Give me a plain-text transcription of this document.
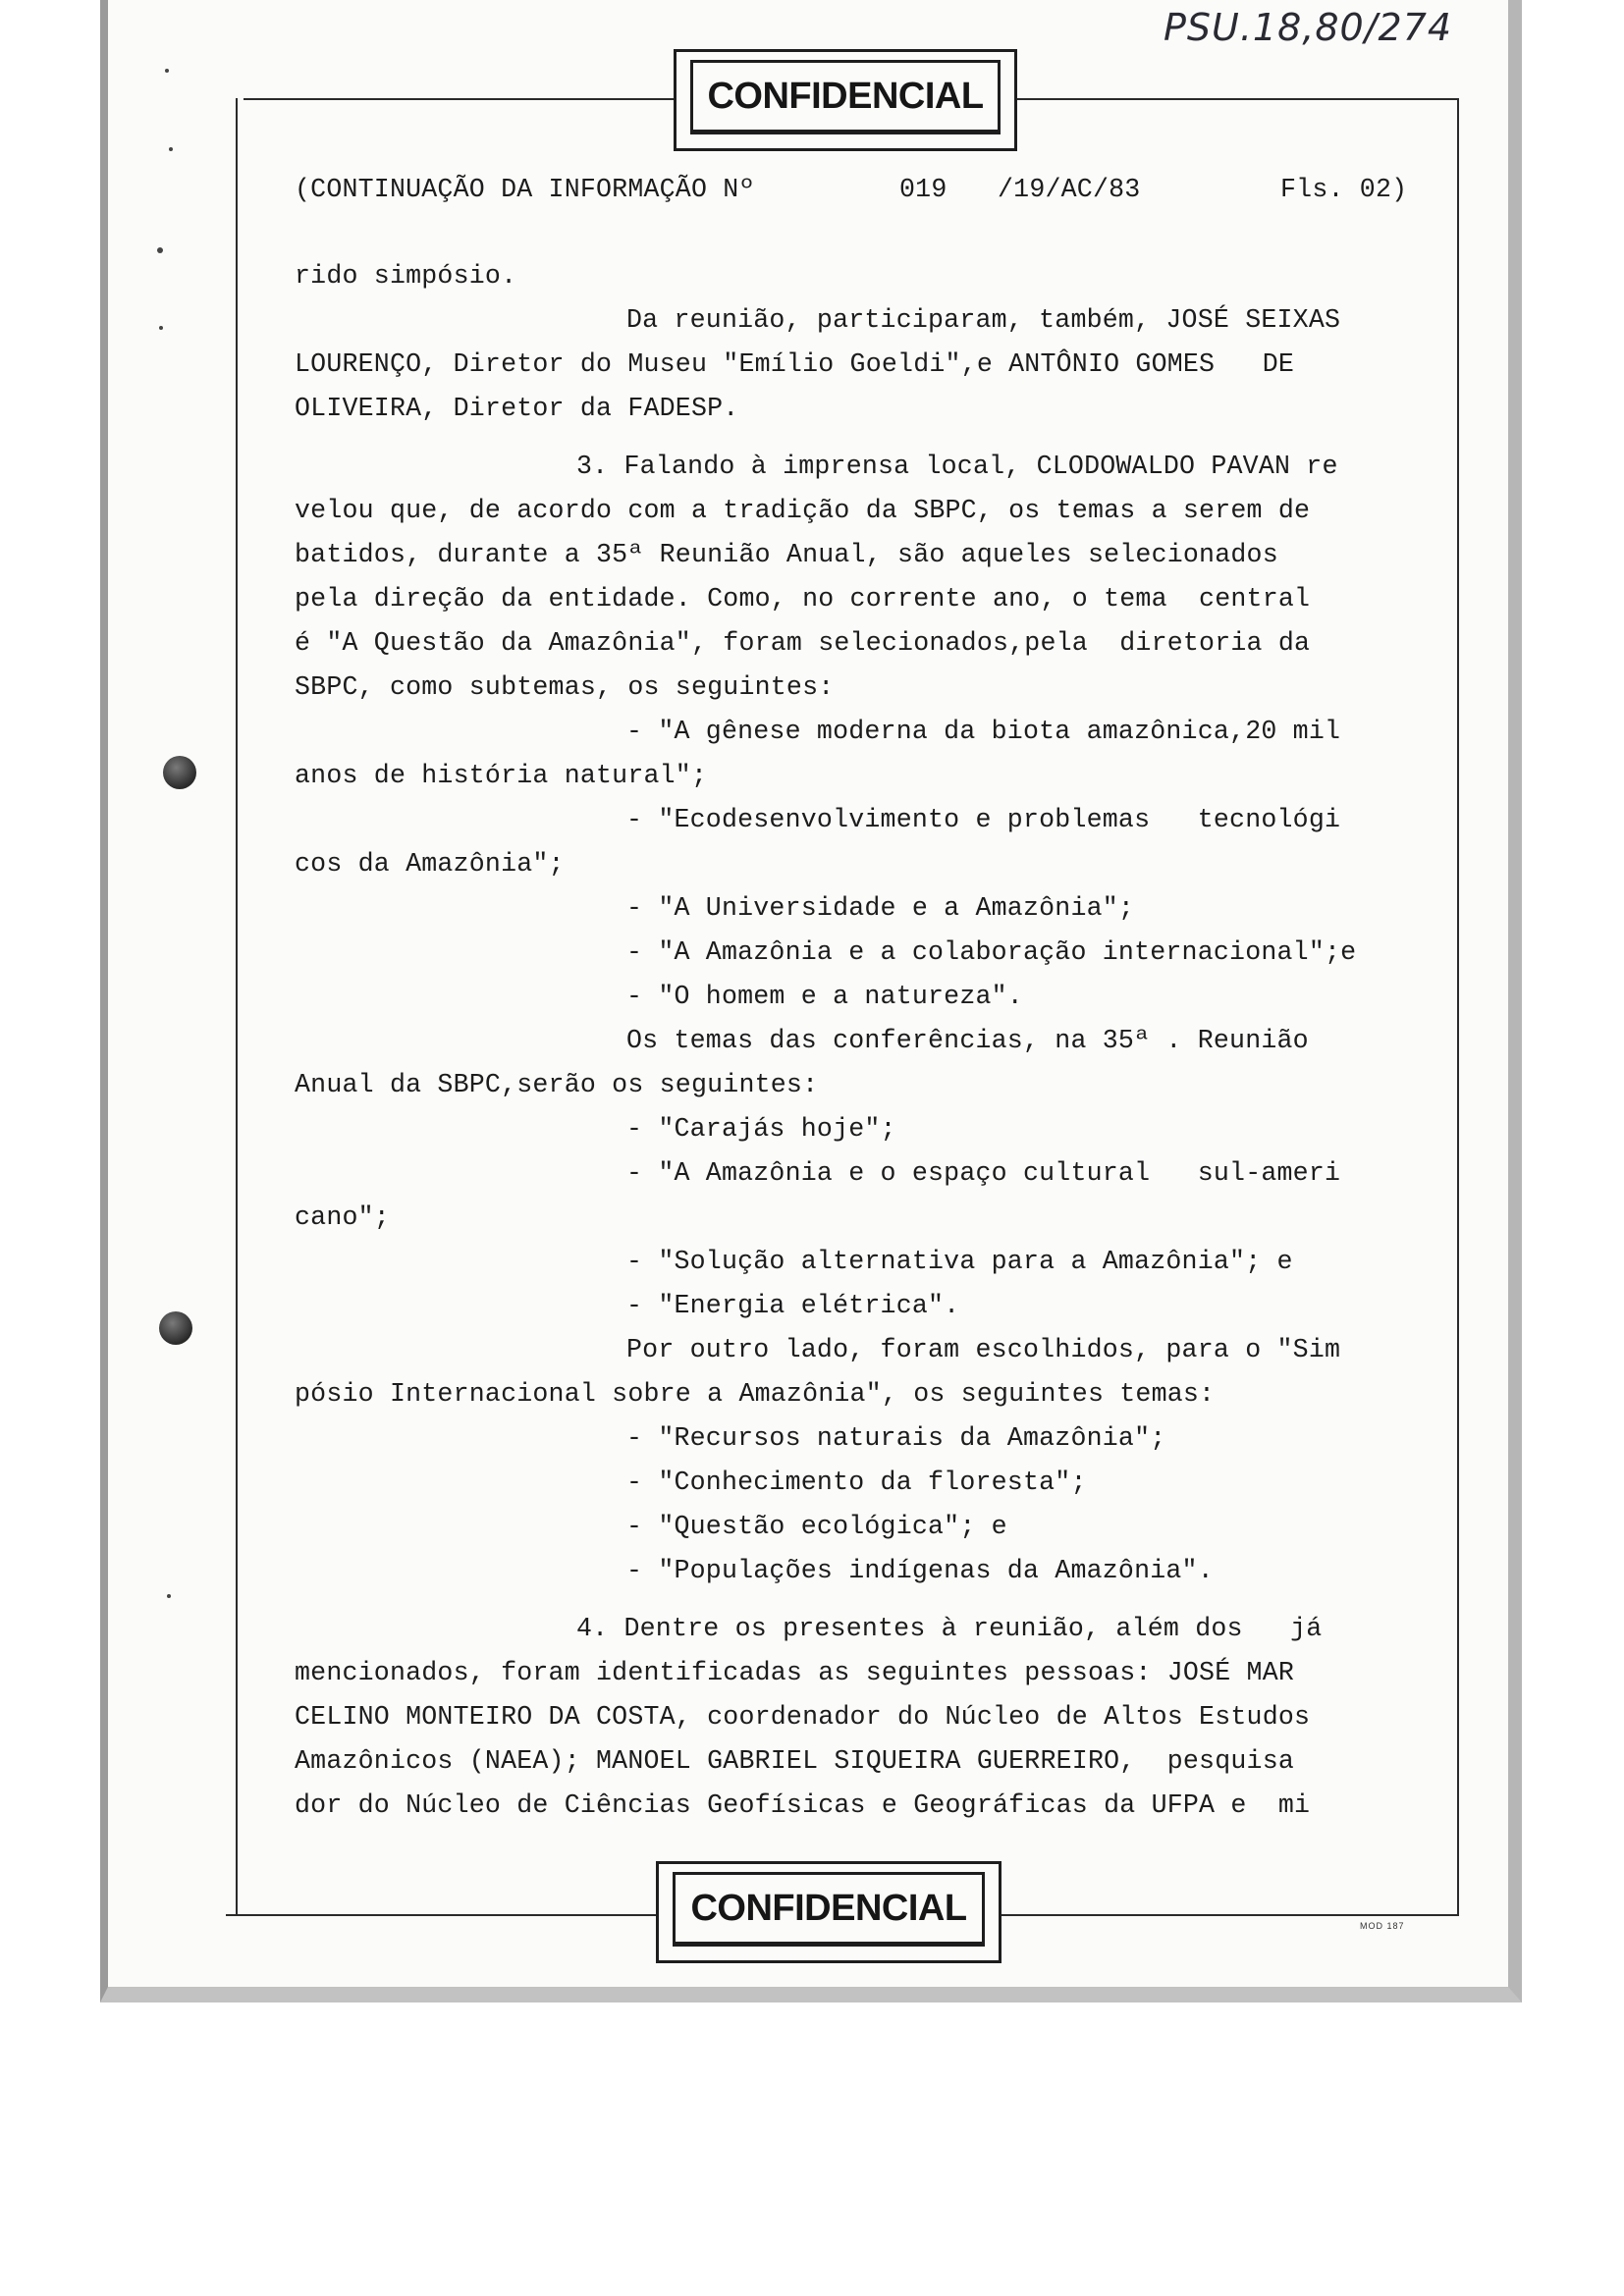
CONFIDENCIAL
CONFIDENCIAL
PSU.18,80/274
(CONTINUAÇÃO DA INFORMAÇÃO Nº	019 /19/AC/83	Fls. 02)
rido simpósio.
Da reunião, participaram, também, JOSÉ SEIXAS
LOURENÇO, Diretor do Museu "Emílio Goeldi",e ANTÔNIO GOMES   DE
OLIVEIRA, Diretor da FADESP.
3. Falando à imprensa local, CLODOWALDO PAVAN re
velou que, de acordo com a tradição da SBPC, os temas a serem de
batidos, durante a 35ª Reunião Anual, são aqueles selecionados
pela direção da entidade. Como, no corrente ano, o tema  central
é "A Questão da Amazônia", foram selecionados,pela  diretoria da
SBPC, como subtemas, os seguintes:
- "A gênese moderna da biota amazônica,20 mil
anos de história natural";
- "Ecodesenvolvimento e problemas   tecnológi
cos da Amazônia";
- "A Universidade e a Amazônia";
- "A Amazônia e a colaboração internacional";e
- "O homem e a natureza".
Os temas das conferências, na 35ª . Reunião
Anual da SBPC,serão os seguintes:
- "Carajás hoje";
- "A Amazônia e o espaço cultural   sul-ameri
cano";
- "Solução alternativa para a Amazônia"; e
- "Energia elétrica".
Por outro lado, foram escolhidos, para o "Sim
pósio Internacional sobre a Amazônia", os seguintes temas:
- "Recursos naturais da Amazônia";
- "Conhecimento da floresta";
- "Questão ecológica"; e
- "Populações indígenas da Amazônia".
4. Dentre os presentes à reunião, além dos   já
mencionados, foram identificadas as seguintes pessoas: JOSÉ MAR
CELINO MONTEIRO DA COSTA, coordenador do Núcleo de Altos Estudos
Amazônicos (NAEA); MANOEL GABRIEL SIQUEIRA GUERREIRO,  pesquisa
dor do Núcleo de Ciências Geofísicas e Geográficas da UFPA e  mi
MOD 187
